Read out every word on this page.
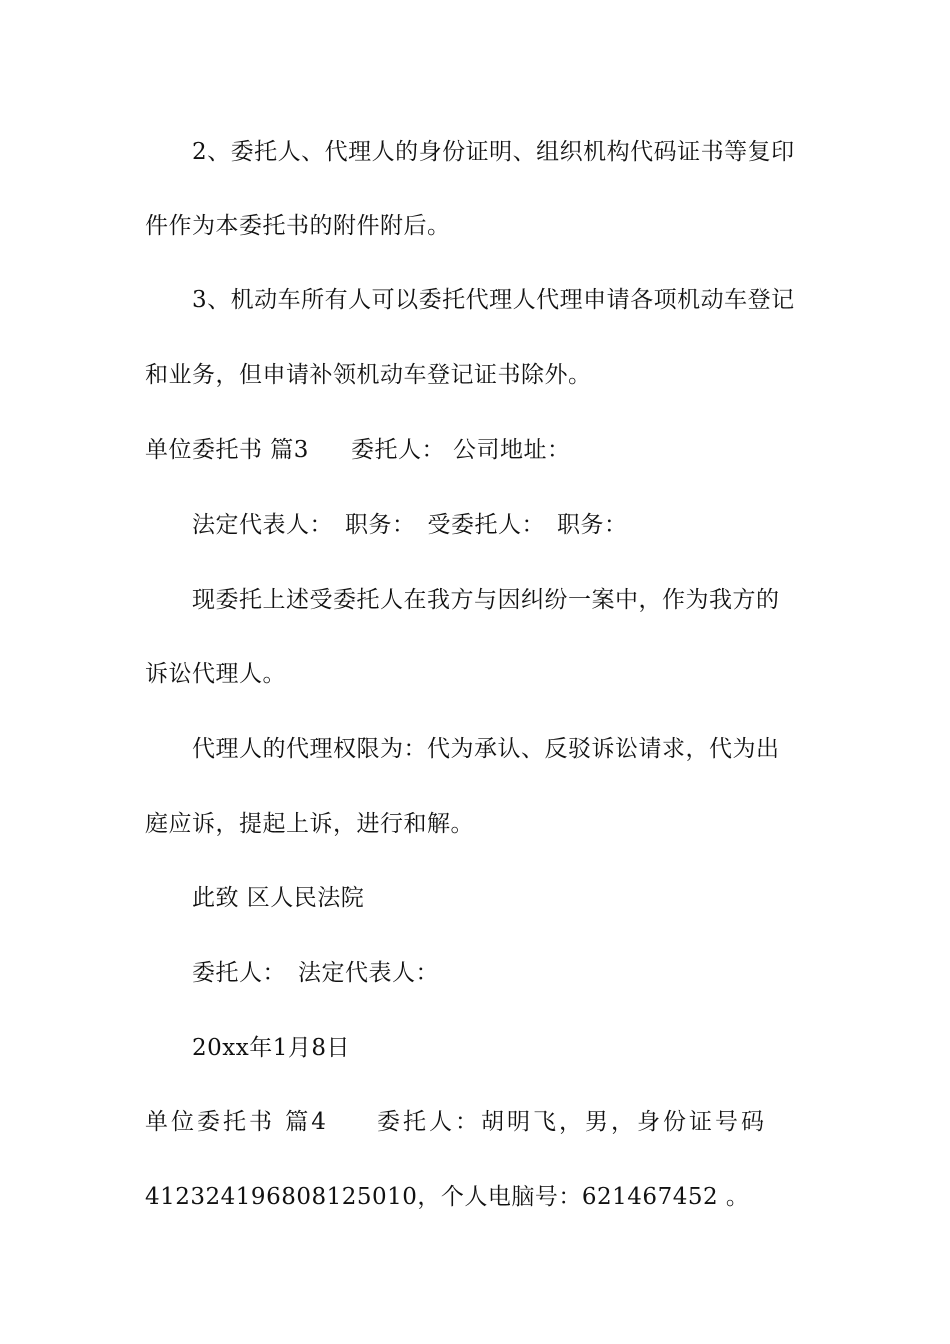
2、委托人、代理人的身份证明、组织机构代码证书等复印
件作为本委托书的附件附后。
3、机动车所有人可以委托代理人代理申请各项机动车登记
和业务，但申请补领机动车登记证书除外。
单位委托书 篇3 委托人： 公司地址：
法定代表人：　职务：　受委托人：　职务：
现委托上述受委托人在我方与因纠纷一案中，作为我方的
诉讼代理人。
代理人的代理权限为：代为承认、反驳诉讼请求，代为出
庭应诉，提起上诉，进行和解。
此致 区人民法院
委托人：　法定代表人：
20xx年1月8日
单位委托书 篇4 委托人：胡明飞，男，身份证号码
412324196808125010，个人电脑号：621467452 。
